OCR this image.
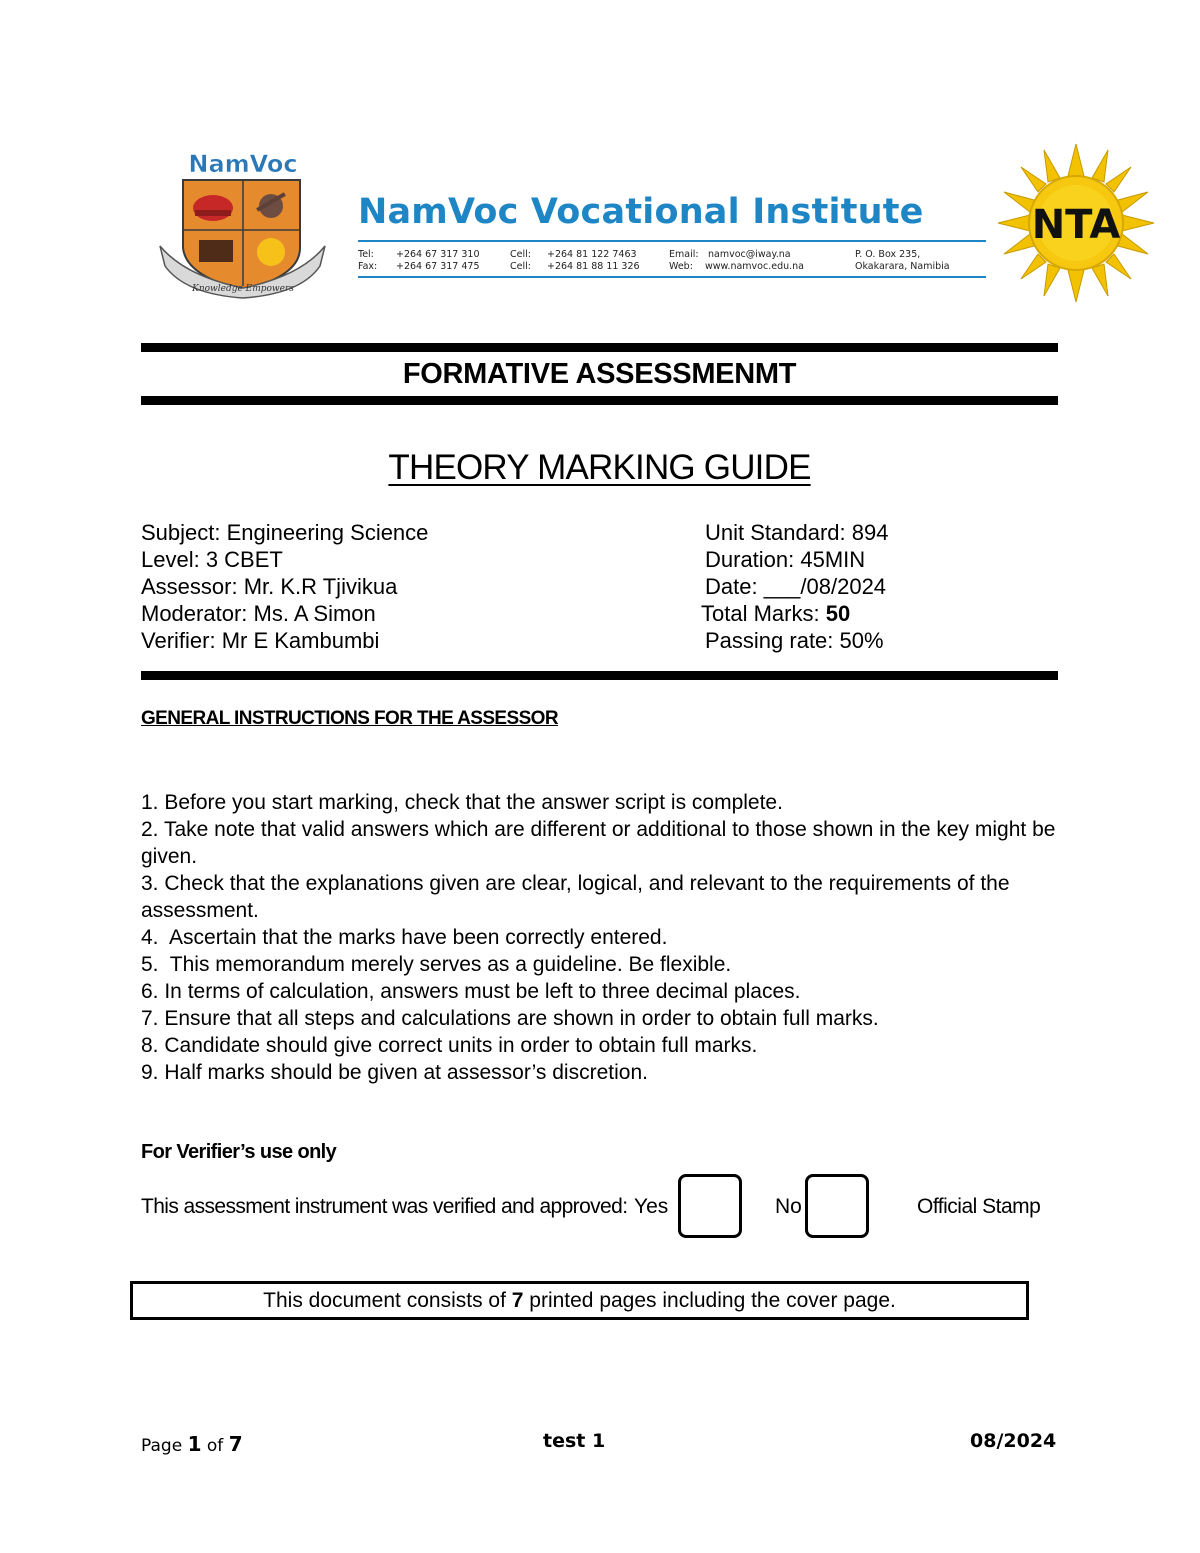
NamVoc
Knowledge Empowers
NamVoc Vocational Institute
Tel: +264 67 317 310
Fax: +264 67 317 475
Cell: +264 81 122 7463
Cell: +264 81 88 11 326
Email: namvoc@iway.na
Web: www.namvoc.edu.na
P. O. Box 235,
Okakarara, Namibia
NTA
FORMATIVE ASSESSMENMT
THEORY MARKING GUIDE
Subject: Engineering Science
Level: 3 CBET
Assessor: Mr. K.R Tjivikua
Moderator: Ms. A Simon
Verifier: Mr E Kambumbi
Unit Standard: 894
Duration: 45MIN
Date: ___/08/2024
Total Marks: 50
Passing rate: 50%
GENERAL INSTRUCTIONS FOR THE ASSESSOR
1. Before you start marking, check that the answer script is complete.
2. Take note that valid answers which are different or additional to those shown in the key might be given.
3. Check that the explanations given are clear, logical, and relevant to the requirements of the assessment.
4.  Ascertain that the marks have been correctly entered.
5.  This memorandum merely serves as a guideline. Be flexible.
6. In terms of calculation, answers must be left to three decimal places.
7. Ensure that all steps and calculations are shown in order to obtain full marks.
8. Candidate should give correct units in order to obtain full marks.
9. Half marks should be given at assessor’s discretion.
For Verifier’s use only
This assessment instrument was verified and approved: Yes	No	Official Stamp
This document consists of 7 printed pages including the cover page.
Page 1 of 7	test 1	08/2024
